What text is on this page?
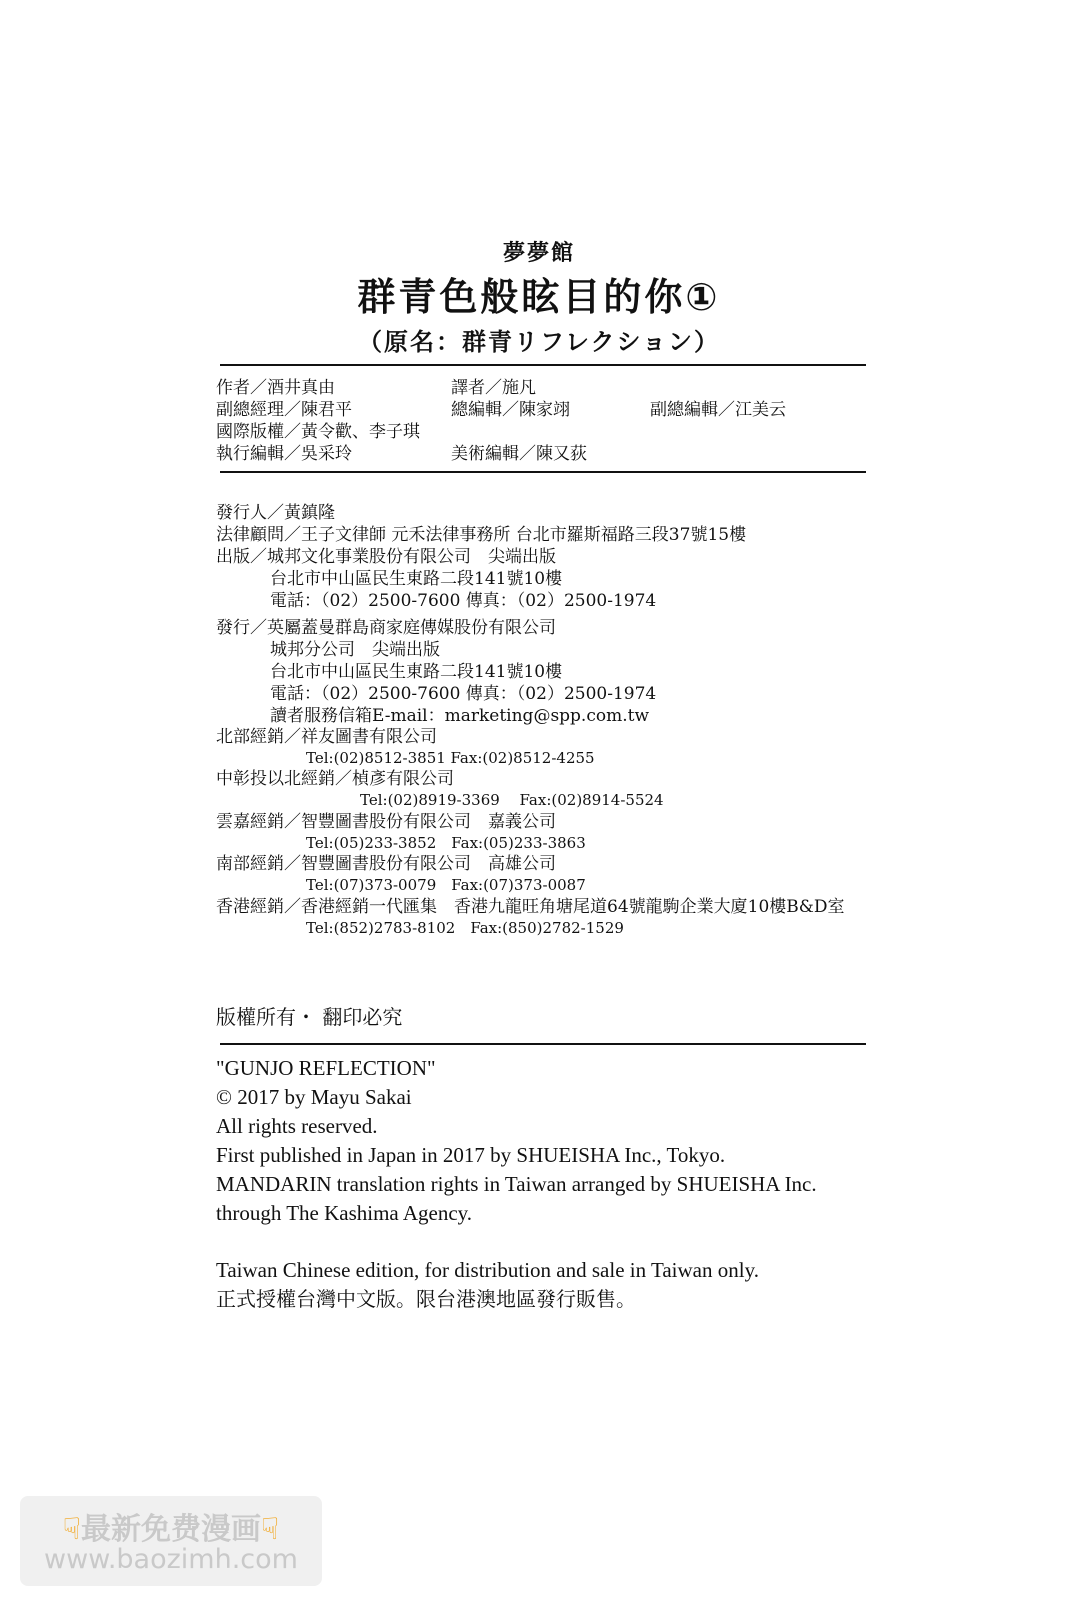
夢夢館
群青色般眩目的你①
（原名：群青リフレクション）
作者／酒井真由	譯者／施凡
副總經理／陳君平	總編輯／陳家翊	副總編輯／江美云
國際版權／黃令歡、李子琪
執行編輯／吳采玲	美術編輯／陳又荻
發行人／黃鎮隆
法律顧問／王子文律師 元禾法律事務所 台北市羅斯福路三段37號15樓
出版／城邦文化事業股份有限公司　尖端出版
台北市中山區民生東路二段141號10樓
電話：（02）2500-7600 傳真：（02）2500-1974
發行／英屬蓋曼群島商家庭傳媒股份有限公司
城邦分公司　尖端出版
台北市中山區民生東路二段141號10樓
電話：（02）2500-7600 傳真：（02）2500-1974
讀者服務信箱E-mail：marketing@spp.com.tw
北部經銷／祥友圖書有限公司
Tel:(02)8512-3851 Fax:(02)8512-4255
中彰投以北經銷／楨彥有限公司
Tel:(02)8919-3369　 Fax:(02)8914-5524
雲嘉經銷／智豐圖書股份有限公司　嘉義公司
Tel:(05)233-3852　Fax:(05)233-3863
南部經銷／智豐圖書股份有限公司　高雄公司
Tel:(07)373-0079　Fax:(07)373-0087
香港經銷／香港經銷一代匯集　香港九龍旺角塘尾道64號龍駒企業大廈10樓B&D室
Tel:(852)2783-8102　Fax:(850)2782-1529
版權所有・ 翻印必究
"GUNJO REFLECTION"
© 2017 by Mayu Sakai
All rights reserved.
First published in Japan in 2017 by SHUEISHA Inc., Tokyo.
MANDARIN translation rights in Taiwan arranged by SHUEISHA Inc.
through The Kashima Agency.
Taiwan Chinese edition, for distribution and sale in Taiwan only.
正式授權台灣中文版。限台港澳地區發行販售。
☟最新免费漫画☟
www.baozimh.com
